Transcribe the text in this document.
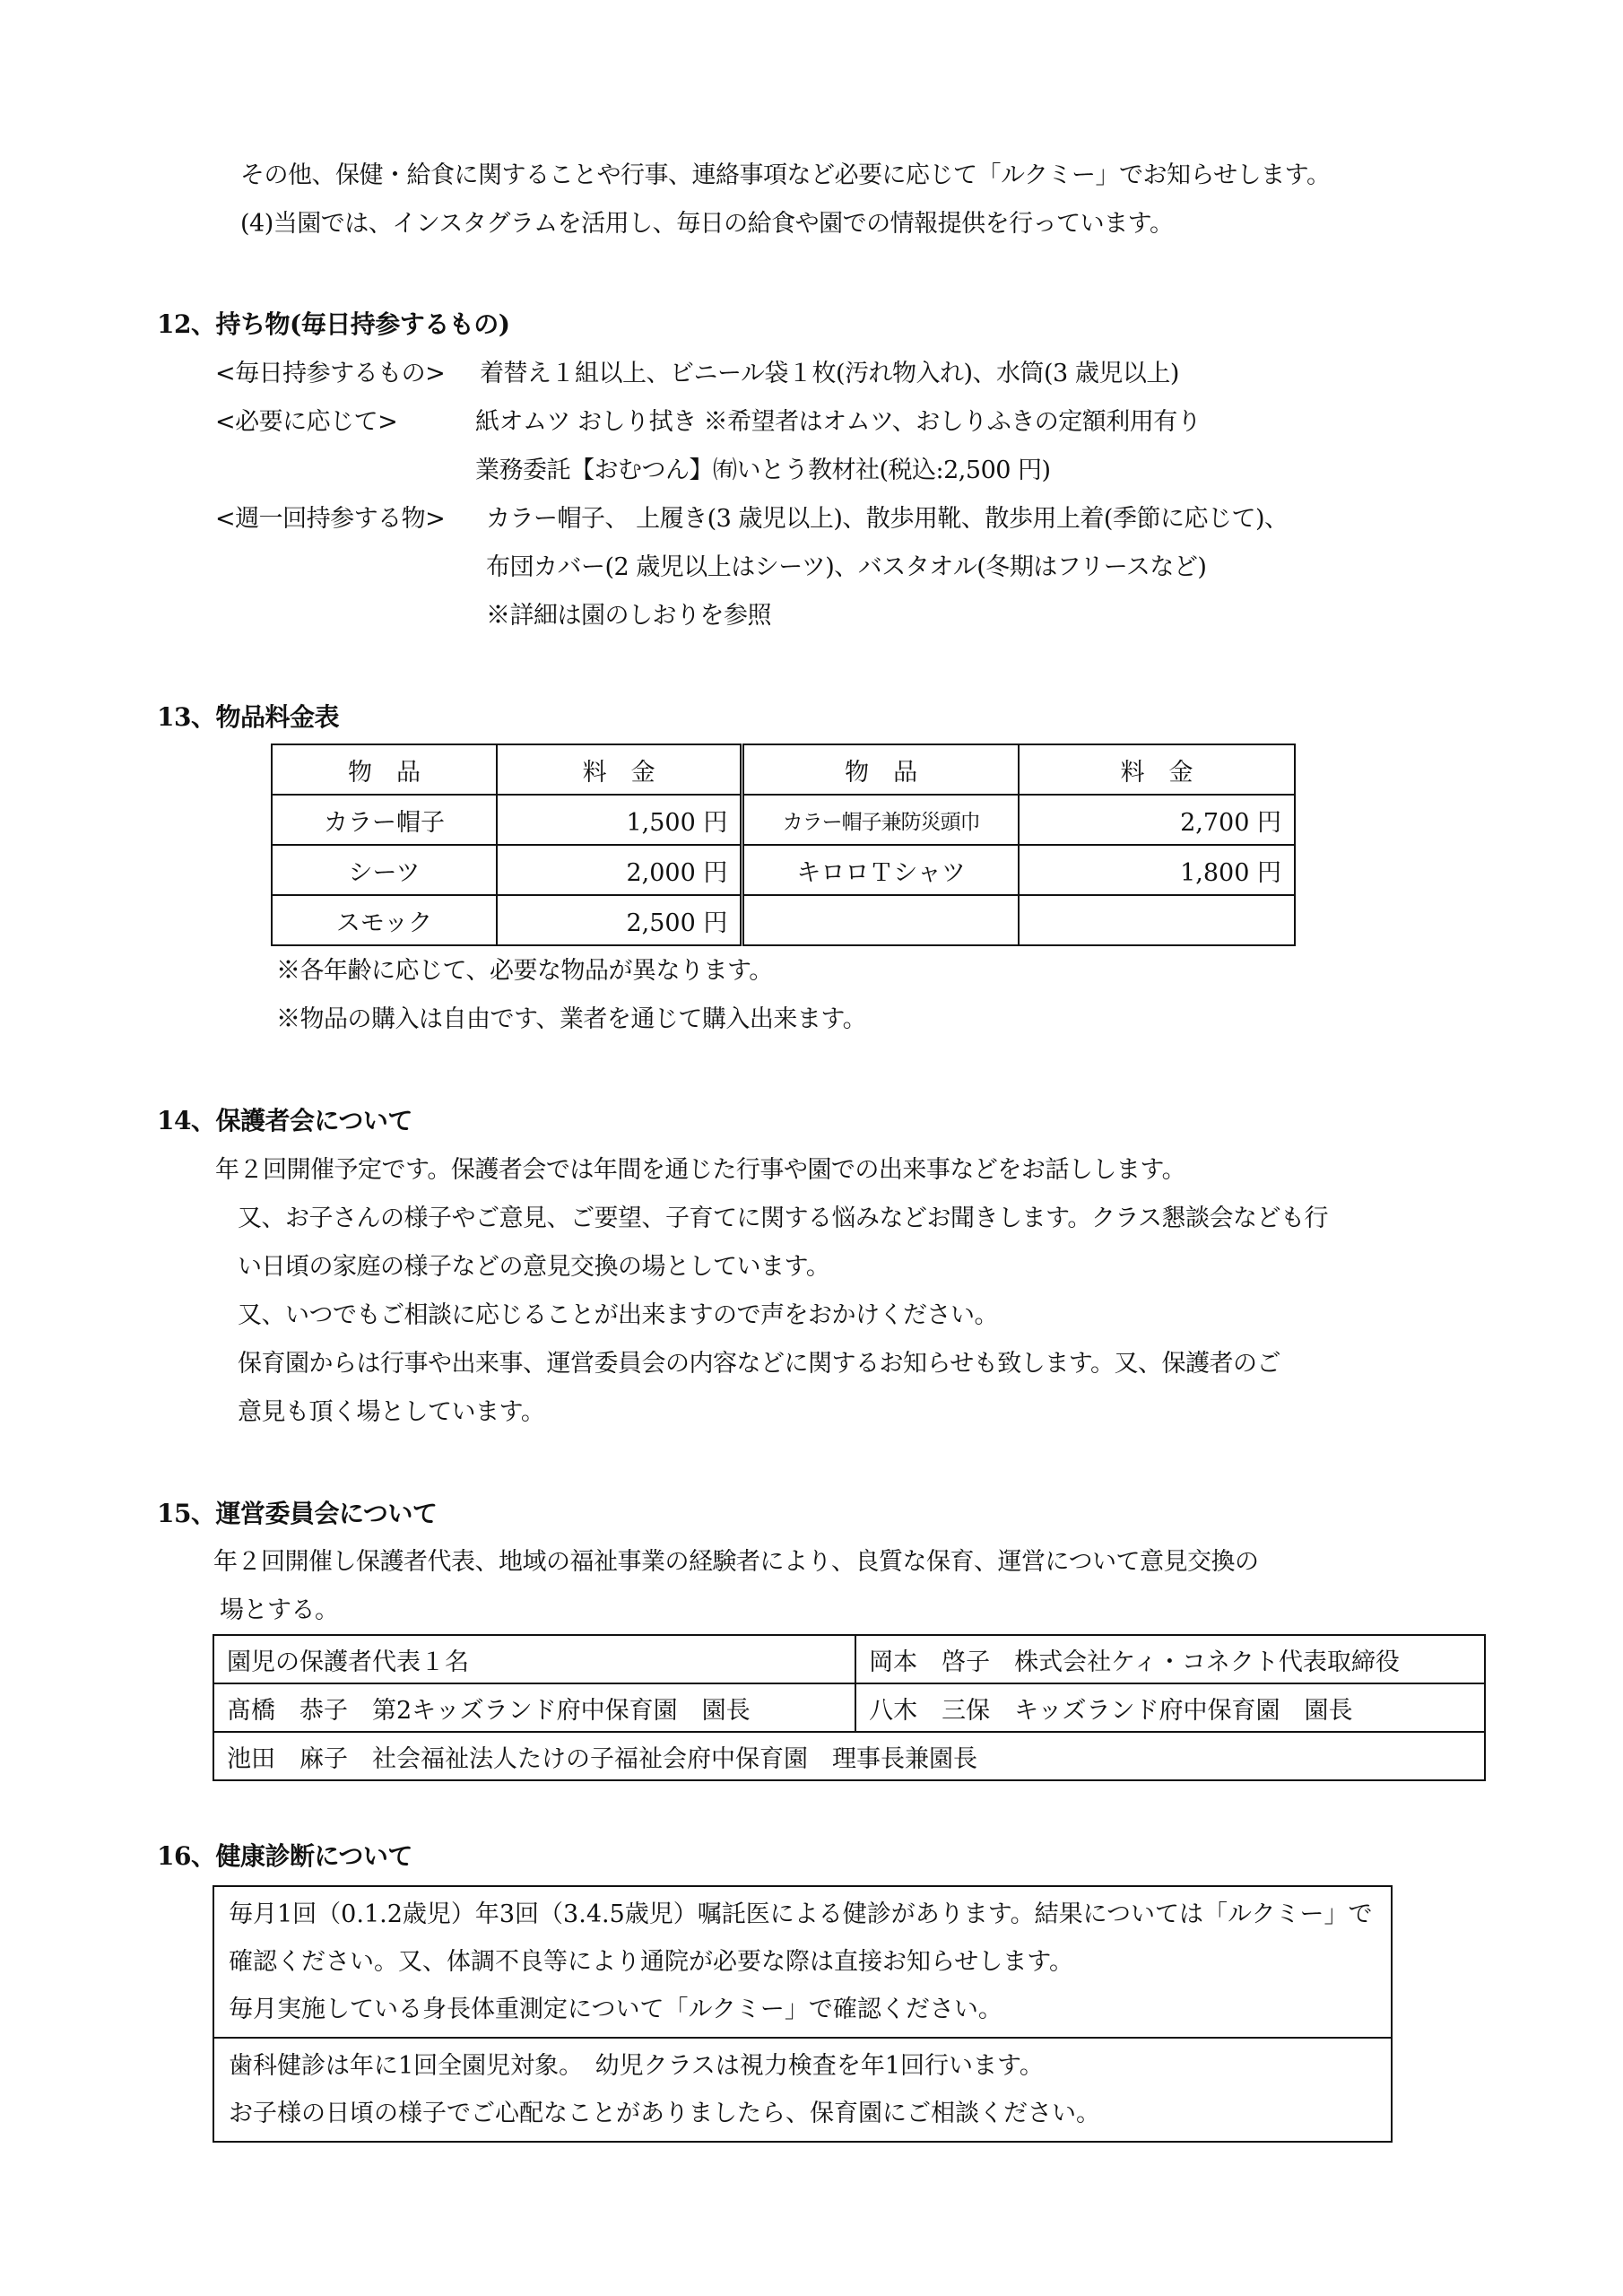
その他、保健・給食に関することや行事、連絡事項など必要に応じて「ルクミー」でお知らせします。
(4)当園では、インスタグラムを活用し、毎日の給食や園での情報提供を行っています。
12、持ち物(毎日持参するもの)
<毎日持参するもの> 着替え１組以上、ビニール袋１枚(汚れ物入れ)、水筒(3 歳児以上)
<必要に応じて>	紙オムツ おしり拭き ※希望者はオムツ、おしりふきの定額利用有り
業務委託【おむつん】㈲いとう教材社(税込:2,500 円)
<週一回持参する物> カラー帽子、 上履き(3 歳児以上)、散歩用靴、散歩用上着(季節に応じて)、
布団カバー(2 歳児以上はシーツ)、バスタオル(冬期はフリースなど)
※詳細は園のしおりを参照
13、物品料金表
物　品	料　金	物　品	料　金
カラー帽子	1,500 円	カラー帽子兼防災頭巾	2,700 円
シーツ	2,000 円	キロロＴシャツ	1,800 円
スモック	2,500 円		
※各年齢に応じて、必要な物品が異なります。
※物品の購入は自由です、業者を通じて購入出来ます。
14、保護者会について
年２回開催予定です。保護者会では年間を通じた行事や園での出来事などをお話しします。
又、お子さんの様子やご意見、ご要望、子育てに関する悩みなどお聞きします。クラス懇談会なども行
い日頃の家庭の様子などの意見交換の場としています。
又、いつでもご相談に応じることが出来ますので声をおかけください。
保育園からは行事や出来事、運営委員会の内容などに関するお知らせも致します。又、保護者のご
意見も頂く場としています。
15、運営委員会について
年２回開催し保護者代表、地域の福祉事業の経験者により、良質な保育、運営について意見交換の
場とする。
園児の保護者代表１名	岡本　啓子　株式会社ケィ・コネクト代表取締役
髙橋　恭子　第2キッズランド府中保育園　園長	八木　三保　キッズランド府中保育園　園長
池田　麻子　社会福祉法人たけの子福祉会府中保育園　理事長兼園長	
16、健康診断について
毎月1回（0.1.2歳児）年3回（3.4.5歳児）嘱託医による健診があります。結果については「ルクミー」で確認ください。又、体調不良等により通院が必要な際は直接お知らせします。
毎月実施している身長体重測定について「ルクミー」で確認ください。

歯科健診は年に1回全園児対象。　幼児クラスは視力検査を年1回行います。
お子様の日頃の様子でご心配なことがありましたら、保育園にご相談ください。
